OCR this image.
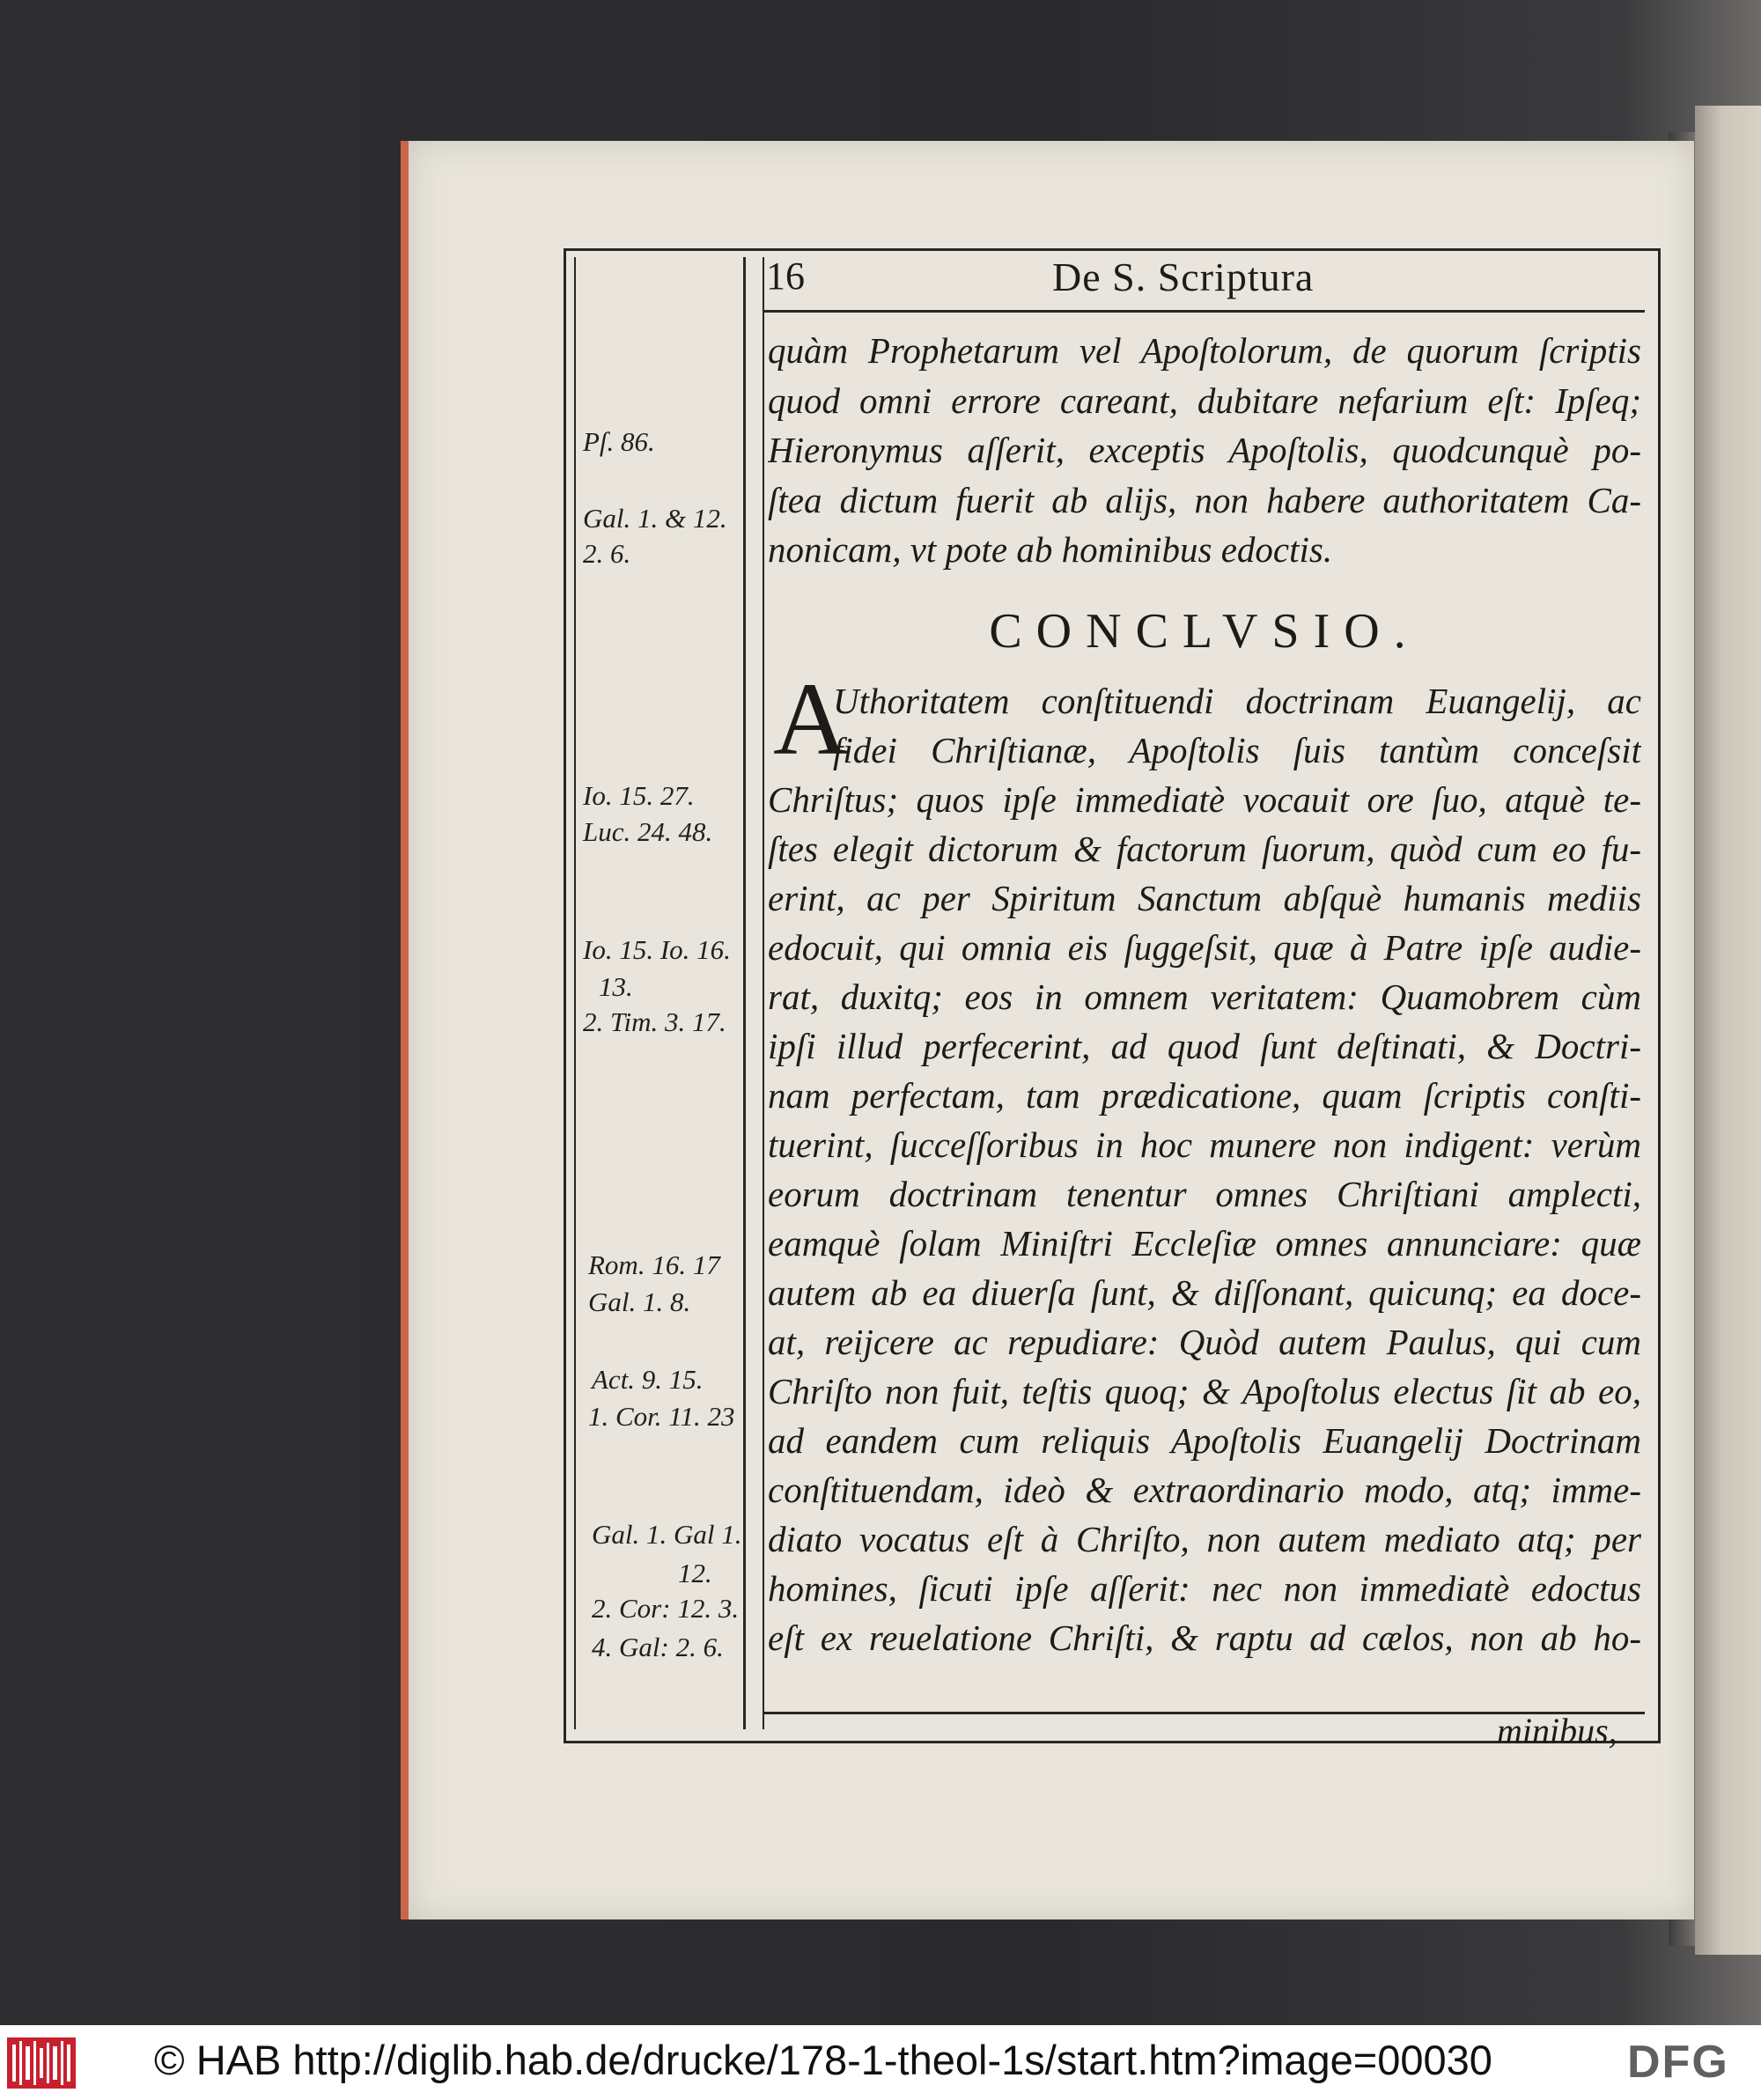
16	De S. Scriptura
quàm Prophetarum vel Apoſtolorum, de quorum ſcriptis
quod omni errore careant, dubitare nefarium eſt: Ipſeq;
Hieronymus aſſerit, exceptis Apoſtolis, quodcunquè po-
ſtea dictum fuerit ab alijs, non habere authoritatem Ca-
nonicam, vt pote ab hominibus edoctis.
CONCLVSIO.
A
Uthoritatem conſtituendi doctrinam Euangelij, ac
fidei Chriſtianæ, Apoſtolis ſuis tantùm conceſsit
Chriſtus; quos ipſe immediatè vocauit ore ſuo, atquè te-
ſtes elegit dictorum & factorum ſuorum, quòd cum eo fu-
erint, ac per Spiritum Sanctum abſquè humanis mediis
edocuit, qui omnia eis ſuggeſsit, quæ à Patre ipſe audie-
rat, duxitq; eos in omnem veritatem: Quamobrem cùm
ipſi illud perfecerint, ad quod ſunt deſtinati, & Doctri-
nam perfectam, tam prædicatione, quam ſcriptis conſti-
tuerint, ſucceſſoribus in hoc munere non indigent: verùm
eorum doctrinam tenentur omnes Chriſtiani amplecti,
eamquè ſolam Miniſtri Eccleſiæ omnes annunciare: quæ
autem ab ea diuerſa ſunt, & diſſonant, quicunq; ea doce-
at, reijcere ac repudiare: Quòd autem Paulus, qui cum
Chriſto non fuit, teſtis quoq; & Apoſtolus electus ſit ab eo,
ad eandem cum reliquis Apoſtolis Euangelij Doctrinam
conſtituendam, ideò & extraordinario modo, atq; imme-
diato vocatus eſt à Chriſto, non autem mediato atq; per
homines, ſicuti ipſe aſſerit: nec non immediatè edoctus
eſt ex reuelatione Chriſti, & raptu ad cælos, non ab ho-
minibus,
Pſ. 86.
Gal. 1. & 12.
2. 6.
Io. 15. 27.
Luc. 24. 48.
Io. 15. Io. 16.
13.
2. Tim. 3. 17.
Rom. 16. 17
Gal. 1. 8.
Act. 9. 15.
1. Cor. 11. 23
Gal. 1. Gal 1.
12.
2. Cor: 12. 3.
4. Gal: 2. 6.
© HAB http://diglib.hab.de/drucke/178-1-theol-1s/start.htm?image=00030	DFG
